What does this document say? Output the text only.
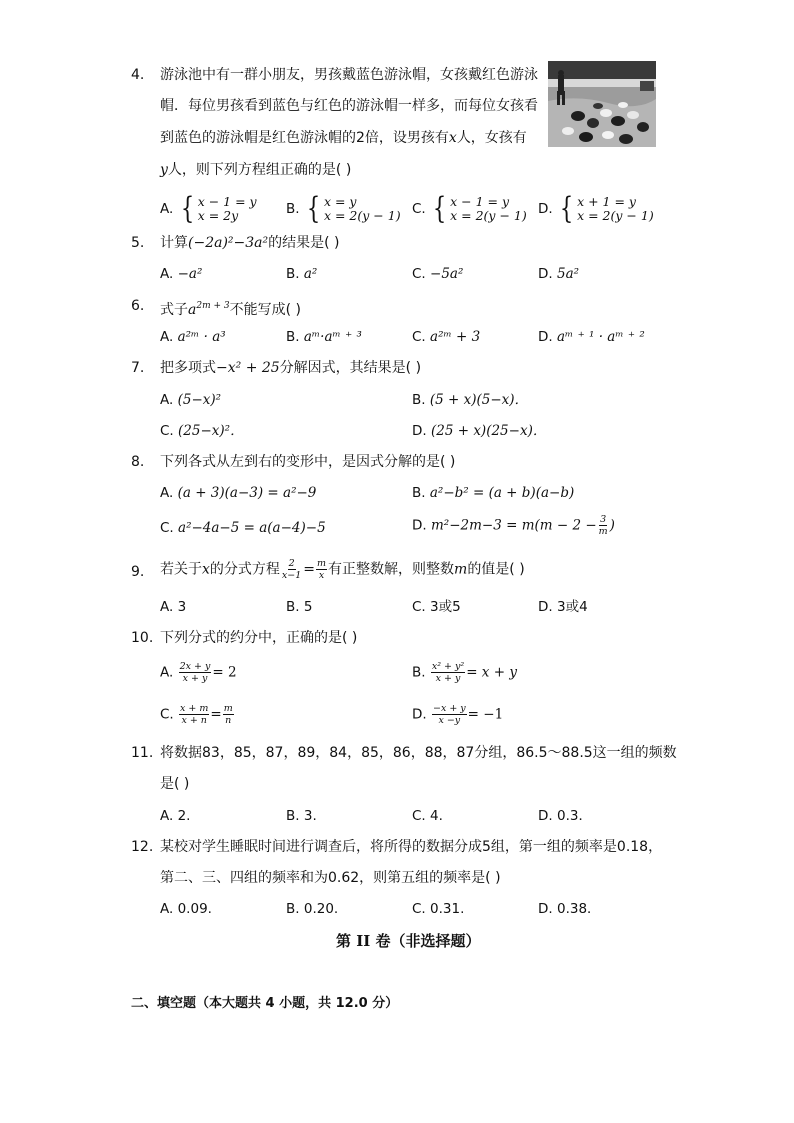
4. 游泳池中有一群小朋友，男孩戴蓝色游泳帽，女孩戴红色游泳
帽．每位男孩看到蓝色与红色的游泳帽一样多，而每位女孩看
到蓝色的游泳帽是红色游泳帽的2倍，设男孩有x人，女孩有
y人，则下列方程组正确的是( )
A. { x − 1 = y
x = 2y	B. { x = y
x = 2(y − 1) C. { x − 1 = y
x = 2(y − 1) D. { x + 1 = y
x = 2(y − 1)
5. 计算(−2a)²−3a²的结果是( )
A. −a²	B. a²	C. −5a²	D. 5a²
6. 式子$a^{2m + 3}$不能写成( )
A. a²ᵐ · a³	B. aᵐ·aᵐ ⁺ ³	C. a²ᵐ + 3	D. aᵐ ⁺ ¹ · aᵐ ⁺ ²
7. 把多项式−x² + 25分解因式，其结果是( )
A. (5−x)²	B. (5 + x)(5−x)．
C. (25−x)²．	D. (25 + x)(25−x)．
8. 下列各式从左到右的变形中，是因式分解的是( )
A. (a + 3)(a−3) = a²−9	B. a²−b² = (a + b)(a−b)
C. a²−4a−5 = a(a−4)−5	D. $m^2-2m-3 = m(m - 2 - \frac{3}{m}$ )
9. 若关于x的分式方程 $\frac{2}{x-1} = \frac{m}{x}$ 有正整数解，则整数m的值是( )
A. 3	B. 5	C. 3或5	D. 3或4
10. 下列分式的约分中，正确的是( )
A. $\frac{2x + y}{x + y} = 2$	B. $\frac{\text{x² + y²}}{x + y} = x + y$
C. $\frac{x + m}{x + n} = \frac{m}{n}$	D. $\frac{-x + y}{x -y} = -1$
11. 将数据83，85，87，89，84，85，86，88，87分组，86.5～88.5这一组的频数
是( )
A. 2.	B. 3.	C. 4.	D. 0.3．
12. 某校对学生睡眠时间进行调查后，将所得的数据分成5组，第一组的频率是0.18，
第二、三、四组的频率和为0.62，则第五组的频率是( )
A. 0.09.	B. 0.20.	C. 0.31.	D. 0.38．
第 II 卷（非选择题）
二、填空题（本大题共 4 小题，共 12.0 分）
